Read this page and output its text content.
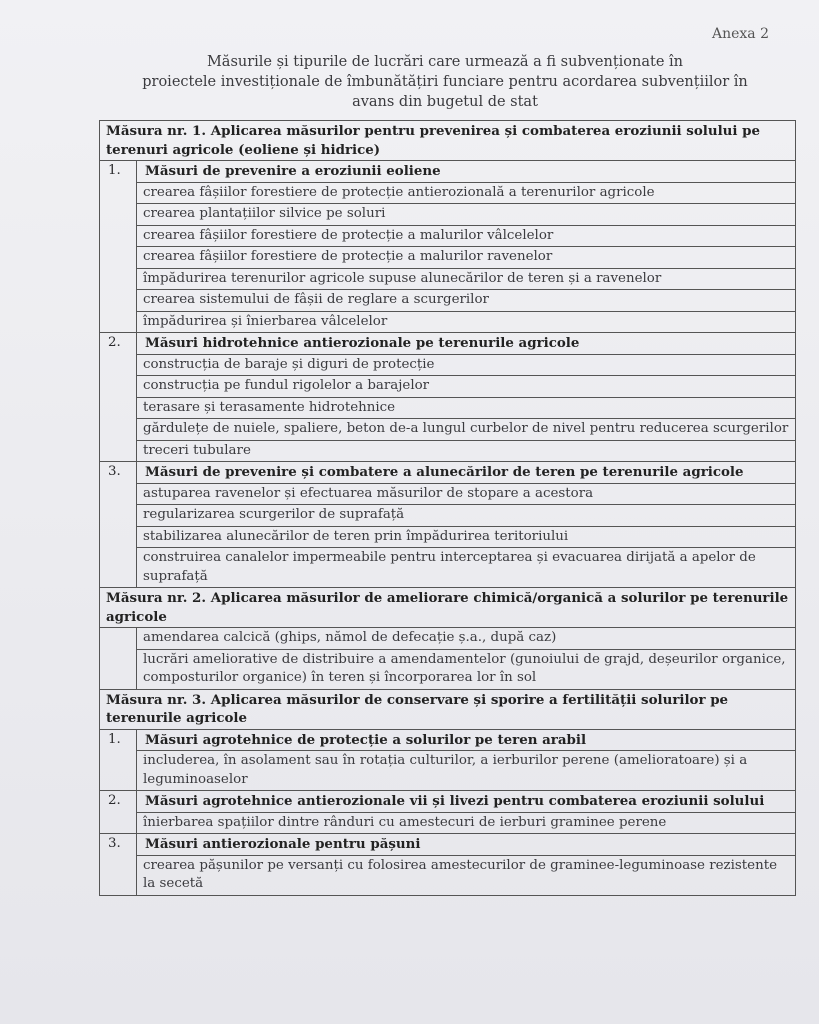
Anexa 2
Măsurile și tipurile de lucrări care urmează a fi subvenționate în
proiectele investiționale de îmbunătățiri funciare pentru acordarea subvențiilor în
avans din bugetul de stat
Măsura nr. 1. Aplicarea măsurilor pentru prevenirea și combaterea eroziunii solului pe terenuri agricole (eoliene și hidrice)	
1.	Măsuri de prevenire a eroziunii eoliene
	crearea fâșiilor forestiere de protecție antierozională a terenurilor agricole
	crearea plantațiilor silvice pe soluri
	crearea fâșiilor forestiere de protecție a malurilor vâlcelelor
	crearea fâșiilor forestiere de protecție a malurilor ravenelor
	împădurirea terenurilor agricole supuse alunecărilor de teren și a ravenelor
	crearea sistemului de fâșii de reglare a scurgerilor
	împădurirea și înierbarea vâlcelelor
2.	Măsuri hidrotehnice antierozionale pe terenurile agricole
	construcția de baraje și diguri de protecție
	construcția pe fundul rigolelor a barajelor
	terasare și terasamente hidrotehnice
	gărdulețe de nuiele, spaliere, beton de-a lungul curbelor de nivel pentru reducerea scurgerilor
	treceri tubulare
3.	Măsuri de prevenire și combatere a alunecărilor de teren pe terenurile agricole
	astuparea ravenelor și efectuarea măsurilor de stopare a acestora
	regularizarea scurgerilor de suprafață
	stabilizarea alunecărilor de teren prin împădurirea teritoriului
	construirea canalelor impermeabile pentru interceptarea și evacuarea dirijată a apelor de suprafață
Măsura nr. 2. Aplicarea măsurilor de ameliorare chimică/organică a solurilor pe terenurile agricole	
	amendarea calcică (ghips, nămol de defecație ș.a., după caz)
	lucrări ameliorative de distribuire a amendamentelor (gunoiului de grajd, deșeurilor organice, composturilor organice) în teren și încorporarea lor în sol
Măsura nr. 3. Aplicarea măsurilor de conservare și sporire a fertilității solurilor pe terenurile agricole	
1.	Măsuri agrotehnice de protecție a solurilor pe teren arabil
	includerea, în asolament sau în rotația culturilor, a ierburilor perene (amelioratoare) și a leguminoaselor
2.	Măsuri agrotehnice antierozionale vii și livezi pentru combaterea eroziunii solului
	înierbarea spațiilor dintre rânduri cu amestecuri de ierburi graminee perene
3.	Măsuri antierozionale pentru pășuni
	crearea pășunilor pe versanți cu folosirea amestecurilor de graminee-leguminoase rezistente la secetă
